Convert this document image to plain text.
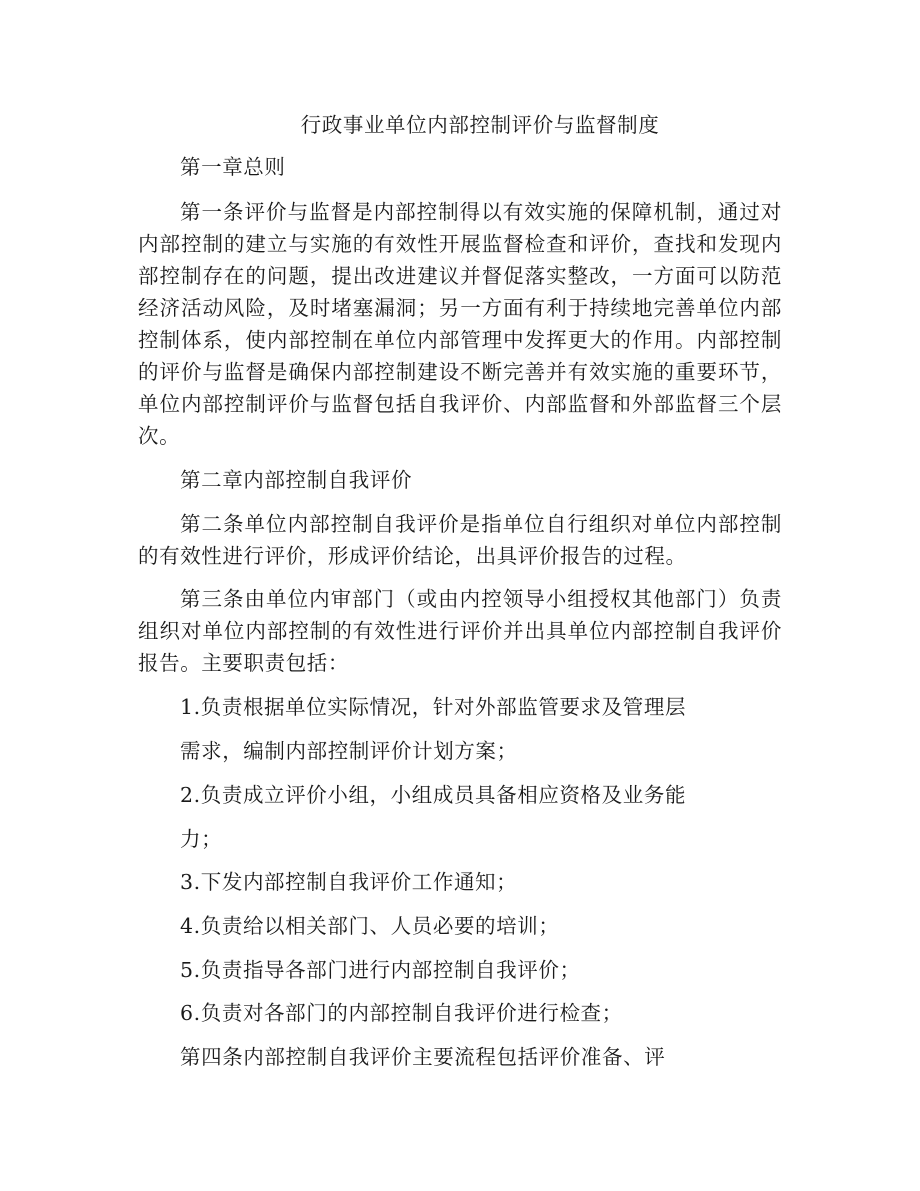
行政事业单位内部控制评价与监督制度
第一章总则
第一条评价与监督是内部控制得以有效实施的保障机制，通过对
内部控制的建立与实施的有效性开展监督检查和评价，查找和发现内
部控制存在的问题，提出改进建议并督促落实整改，一方面可以防范
经济活动风险，及时堵塞漏洞；另一方面有利于持续地完善单位内部
控制体系，使内部控制在单位内部管理中发挥更大的作用。内部控制
的评价与监督是确保内部控制建设不断完善并有效实施的重要环节，
单位内部控制评价与监督包括自我评价、内部监督和外部监督三个层
次。
第二章内部控制自我评价
第二条单位内部控制自我评价是指单位自行组织对单位内部控制
的有效性进行评价，形成评价结论，出具评价报告的过程。
第三条由单位内审部门（或由内控领导小组授权其他部门）负责
组织对单位内部控制的有效性进行评价并出具单位内部控制自我评价
报告。主要职责包括：
1.负责根据单位实际情况，针对外部监管要求及管理层
需求，编制内部控制评价计划方案；
2.负责成立评价小组，小组成员具备相应资格及业务能
力；
3.下发内部控制自我评价工作通知；
4.负责给以相关部门、人员必要的培训；
5.负责指导各部门进行内部控制自我评价；
6.负责对各部门的内部控制自我评价进行检查；
第四条内部控制自我评价主要流程包括评价准备、评
